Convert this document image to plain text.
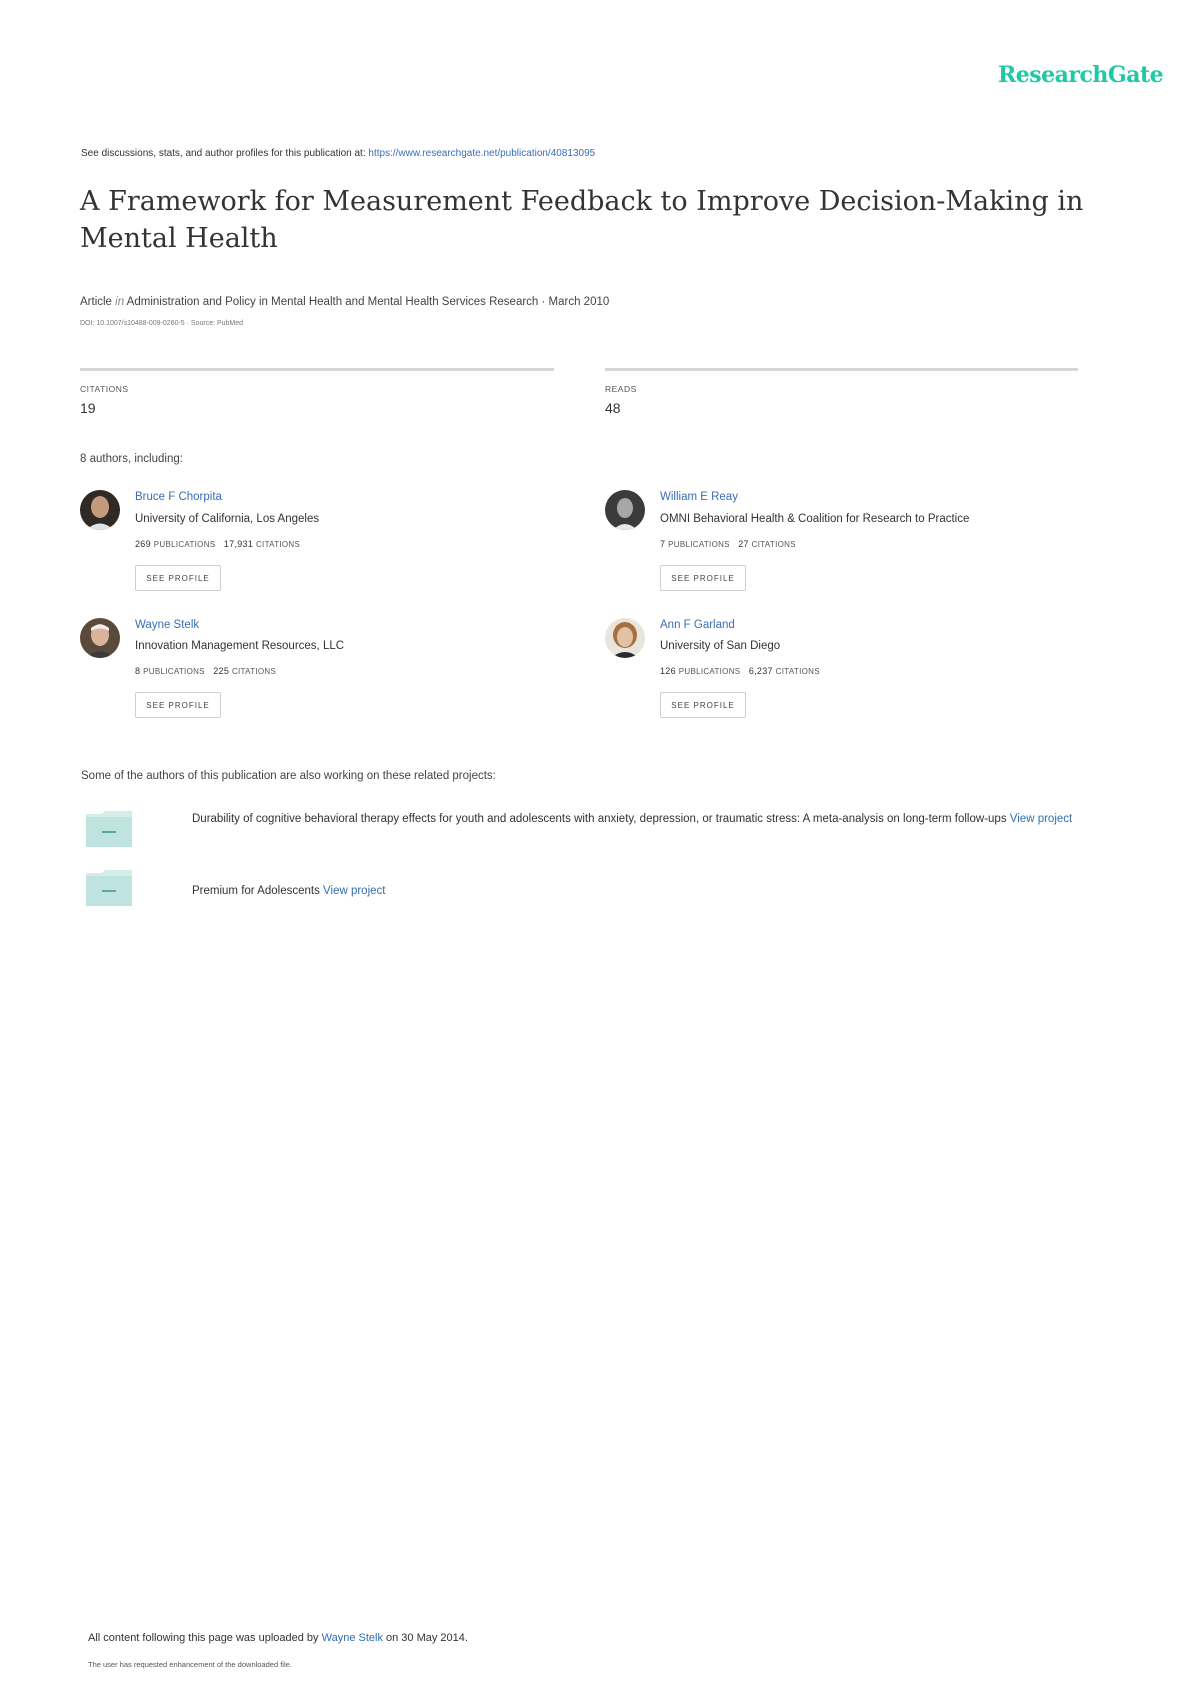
ResearchGate
See discussions, stats, and author profiles for this publication at: https://www.researchgate.net/publication/40813095
A Framework for Measurement Feedback to Improve Decision-Making in Mental Health
Article in Administration and Policy in Mental Health and Mental Health Services Research · March 2010
DOI: 10.1007/s10488-009-0260-5 · Source: PubMed
CITATIONS
19
READS
48
8 authors, including:
Bruce F Chorpita
University of California, Los Angeles
269 PUBLICATIONS 17,931 CITATIONS
SEE PROFILE
William E Reay
OMNI Behavioral Health & Coalition for Research to Practice
7 PUBLICATIONS 27 CITATIONS
SEE PROFILE
Wayne Stelk
Innovation Management Resources, LLC
8 PUBLICATIONS 225 CITATIONS
SEE PROFILE
Ann F Garland
University of San Diego
126 PUBLICATIONS 6,237 CITATIONS
SEE PROFILE
Some of the authors of this publication are also working on these related projects:
Durability of cognitive behavioral therapy effects for youth and adolescents with anxiety, depression, or traumatic stress: A meta-analysis on long-term follow-ups View project
Premium for Adolescents View project
All content following this page was uploaded by Wayne Stelk on 30 May 2014.
The user has requested enhancement of the downloaded file.
